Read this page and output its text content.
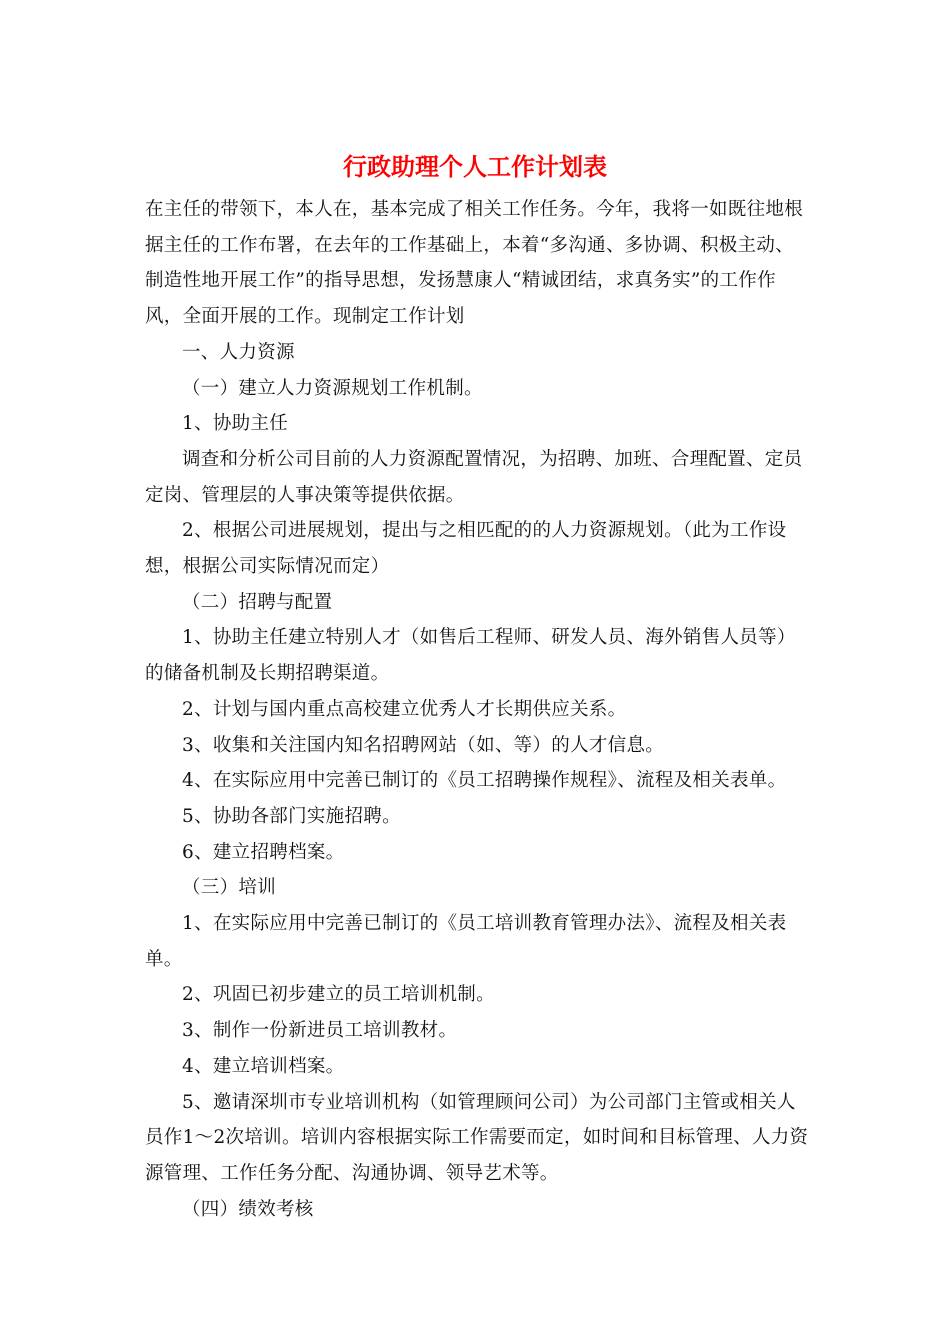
行政助理个人工作计划表

在主任的带领下，本人在，基本完成了相关工作任务。今年，我将一如既往地根据主任的工作布署，在去年的工作基础上，本着“多沟通、多协调、积极主动、制造性地开展工作”的指导思想，发扬慧康人“精诚团结，求真务实”的工作作风，全面开展的工作。现制定工作计划

一、人力资源

（一）建立人力资源规划工作机制。

1、协助主任

调查和分析公司目前的人力资源配置情况，为招聘、加班、合理配置、定员定岗、管理层的人事决策等提供依据。

2、根据公司进展规划，提出与之相匹配的的人力资源规划。（此为工作设想，根据公司实际情况而定）

（二）招聘与配置

1、协助主任建立特别人才（如售后工程师、研发人员、海外销售人员等）的储备机制及长期招聘渠道。

2、计划与国内重点高校建立优秀人才长期供应关系。

3、收集和关注国内知名招聘网站（如、等）的人才信息。

4、在实际应用中完善已制订的《员工招聘操作规程》、流程及相关表单。

5、协助各部门实施招聘。

6、建立招聘档案。

（三）培训

1、在实际应用中完善已制订的《员工培训教育管理办法》、流程及相关表单。

2、巩固已初步建立的员工培训机制。

3、制作一份新进员工培训教材。

4、建立培训档案。

5、邀请深圳市专业培训机构（如管理顾问公司）为公司部门主管或相关人员作1～2次培训。培训内容根据实际工作需要而定，如时间和目标管理、人力资源管理、工作任务分配、沟通协调、领导艺术等。

（四）绩效考核
